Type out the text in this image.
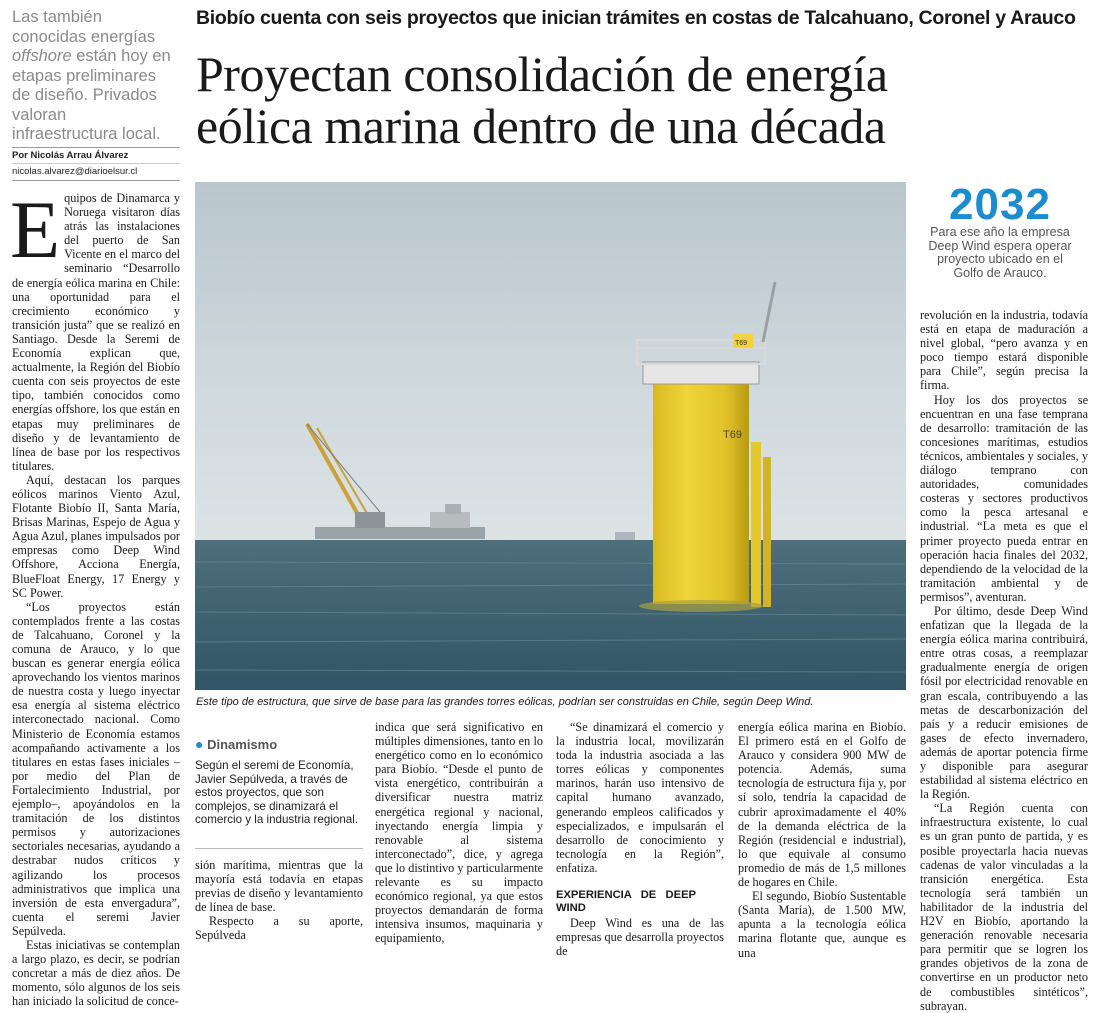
Las también
conocidas energías
offshore están hoy en
etapas preliminares
de diseño. Privados
valoran
infraestructura local.
Por Nicolás Arrau Álvarez
nicolas.alvarez@diarioelsur.cl
Biobío cuenta con seis proyectos que inician trámites en costas de Talcahuano, Coronel y Arauco
Proyectan consolidación de energía
eólica marina dentro de una década
T69
T69
Este tipo de estructura, que sirve de base para las grandes torres eólicas, podrían ser construidas en Chile, según Deep Wind.
2032
Para ese año la empresa Deep Wind espera operar proyecto ubicado en el Golfo de Arauco.

Equipos de Dinamarca y Noruega visitaron días atrás las instalaciones del puerto de San Vicente en el marco del seminario “Desarrollo de energía eólica marina en Chile: una oportunidad para el crecimiento económico y transición justa” que se realizó en Santiago. Desde la Seremi de Economía explican que, actualmente, la Región del Biobío cuenta con seis proyectos de este tipo, también conocidos como energías offshore, los que están en etapas muy preliminares de diseño y de levantamiento de línea de base por los respectivos titulares.

Aquí, destacan los parques eólicos marinos Viento Azul, Flotante Biobío II, Santa María, Brisas Marinas, Espejo de Agua y Agua Azul, planes impulsados por empresas como Deep Wind Offshore, Acciona Energía, BlueFloat Energy, 17 Energy y SC Power.

“Los proyectos están contemplados frente a las costas de Talcahuano, Coronel y la comuna de Arauco, y lo que buscan es generar energía eólica aprovechando los vientos marinos de nuestra costa y luego inyectar esa energía al sistema eléctrico interconectado nacional. Como Ministerio de Economía estamos acompañando activamente a los titulares en estas fases iniciales –por medio del Plan de Fortalecimiento Industrial, por ejemplo–, apoyándolos en la tramitación de los distintos permisos y autorizaciones sectoriales necesarias, ayudando a destrabar nudos críticos y agilizando los procesos administrativos que implica una inversión de esta envergadura”, cuenta el seremi Javier Sepúlveda.

Estas iniciativas se contemplan a largo plazo, es decir, se podrían concretar a más de diez años. De momento, sólo algunos de los seis han iniciado la solicitud de conce-

● Dinamismo
Según el seremi de Economía, Javier Sepúlveda, a través de estos proyectos, que son complejos, se dinamizará el comercio y la industria regional.

sión marítima, mientras que la mayoría está todavía en etapas previas de diseño y levantamiento de línea de base.

Respecto a su aporte, Sepúlveda

indica que será significativo en múltiples dimensiones, tanto en lo energético como en lo económico para Biobío. “Desde el punto de vista energético, contribuirán a diversificar nuestra matriz energética regional y nacional, inyectando energía limpia y renovable al sistema interconectado”, dice, y agrega que lo distintivo y particularmente relevante es su impacto económico regional, ya que estos proyectos demandarán de forma intensiva insumos, maquinaria y equipamiento,

“Se dinamizará el comercio y la industria local, movilizarán toda la industria asociada a las torres eólicas y componentes marinos, harán uso intensivo de capital humano avanzado, generando empleos calificados y especializados, e impulsarán el desarrollo de conocimiento y tecnología en la Región”, enfatiza.

EXPERIENCIA DE DEEP WIND

Deep Wind es una de las empresas que desarrolla proyectos de

energía eólica marina en Biobío. El primero está en el Golfo de Arauco y considera 900 MW de potencia. Además, suma tecnología de estructura fija y, por sí solo, tendría la capacidad de cubrir aproximadamente el 40% de la demanda eléctrica de la Región (residencial e industrial), lo que equivale al consumo promedio de más de 1,5 millones de hogares en Chile.

El segundo, Biobío Sustentable (Santa María), de 1.500 MW, apunta a la tecnología eólica marina flotante que, aunque es una

revolución en la industria, todavía está en etapa de maduración a nivel global, “pero avanza y en poco tiempo estará disponible para Chile”, según precisa la firma.

Hoy los dos proyectos se encuentran en una fase temprana de desarrollo: tramitación de las concesiones marítimas, estudios técnicos, ambientales y sociales, y diálogo temprano con autoridades, comunidades costeras y sectores productivos como la pesca artesanal e industrial. “La meta es que el primer proyecto pueda entrar en operación hacia finales del 2032, dependiendo de la velocidad de la tramitación ambiental y de permisos”, aventuran.

Por último, desde Deep Wind enfatizan que la llegada de la energía eólica marina contribuirá, entre otras cosas, a reemplazar gradualmente energía de origen fósil por electricidad renovable en gran escala, contribuyendo a las metas de descarbonización del país y a reducir emisiones de gases de efecto invernadero, además de aportar potencia firme y disponible para asegurar estabilidad al sistema eléctrico en la Región.

“La Región cuenta con infraestructura existente, lo cual es un gran punto de partida, y es posible proyectarla hacia nuevas cadenas de valor vinculadas a la transición energética. Esta tecnología será también un habilitador de la industria del H2V en Biobío, aportando la generación renovable necesaria para permitir que se logren los grandes objetivos de la zona de convertirse en un productor neto de combustibles sintéticos”, subrayan.
